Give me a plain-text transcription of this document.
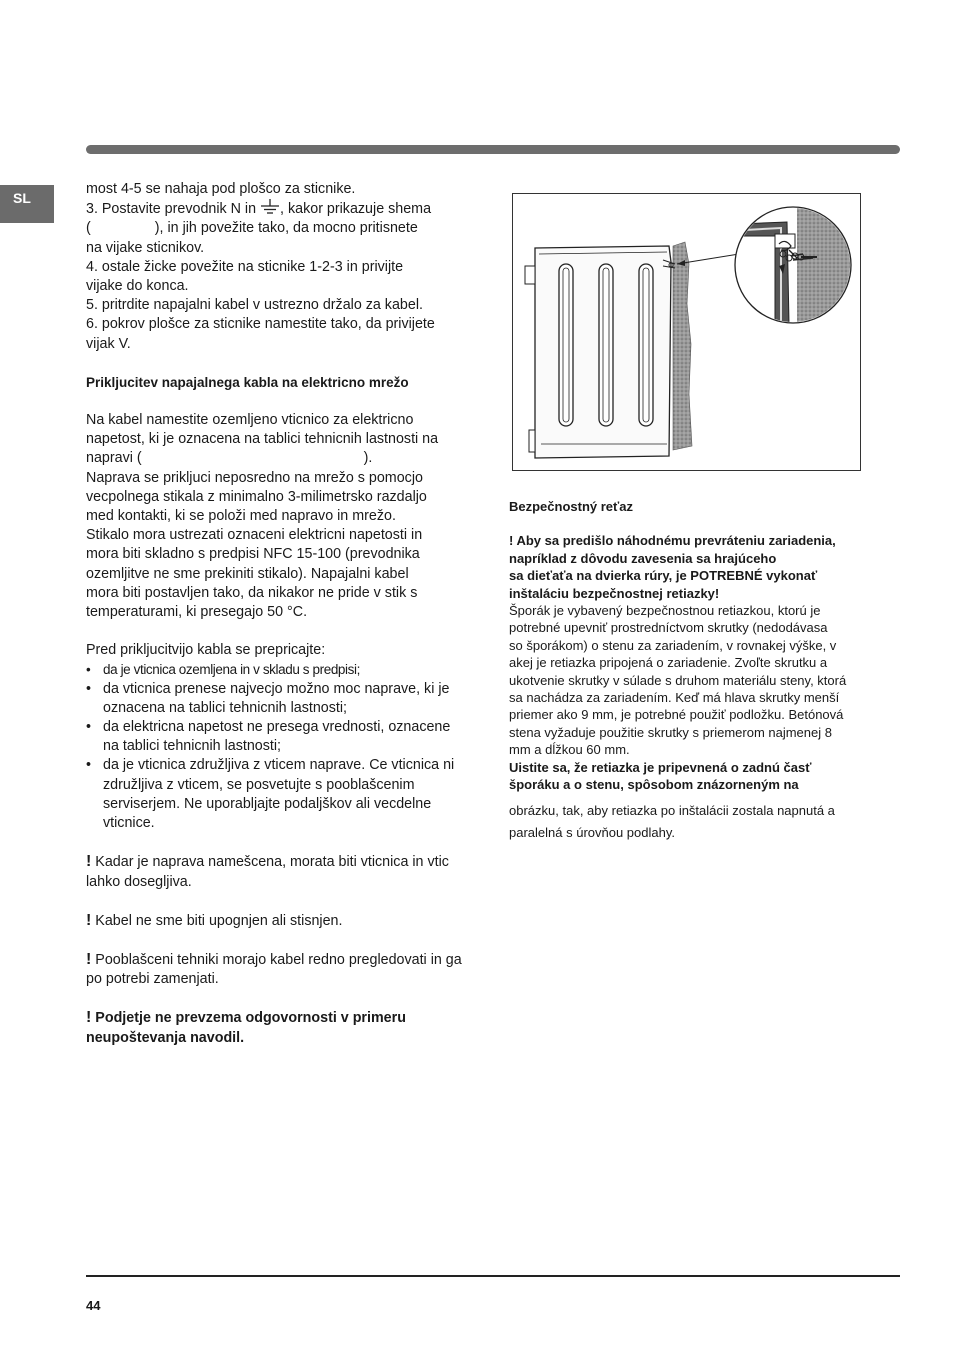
SL

most 4-5 se nahaja pod plošco za sticnike.

3. Postavite prevodnik N in , kakor prikazuje shema

(	), in jih povežite tako, da mocno pritisnete

na vijake sticnikov.

4. ostale žicke povežite na sticnike 1-2-3 in privijte

vijake do konca.

5. pritrdite napajalni kabel v ustrezno držalo za kabel.

6. pokrov plošce za sticnike namestite tako, da privijete

vijak V.

Prikljucitev napajalnega kabla na elektricno mrežo

Na kabel namestite ozemljeno vticnico za elektricno

napetost, ki je oznacena na tablici tehnicnih lastnosti na

napravi (	).

Naprava se prikljuci neposredno na mrežo s pomocjo

vecpolnega stikala z minimalno 3-milimetrsko razdaljo

med kontakti, ki se položi med napravo in mrežo.

Stikalo mora ustrezati oznaceni elektricni napetosti in

mora biti skladno s predpisi NFC 15-100 (prevodnika

ozemljitve ne sme prekiniti stikalo). Napajalni kabel

mora biti postavljen tako, da nikakor ne pride v stik s

temperaturami, ki presegajo 50 °C.

Pred prikljucitvijo kabla se prepricajte:

• da je vticnica ozemljena in v skladu s predpisi;
• da vticnica prenese najvecjo možno moc naprave, ki je oznacena na tablici tehnicnih lastnosti;
• da elektricna napetost ne presega vrednosti, oznacene na tablici tehnicnih lastnosti;
• da je vticnica združljiva z vticem naprave. Ce vticnica ni združljiva z vticem, se posvetujte s pooblašcenim serviserjem. Ne uporabljajte podaljškov ali vecdelne vticnice.

! Kadar je naprava namešcena, morata biti vticnica in vtic lahko dosegljiva.

! Kabel ne sme biti upognjen ali stisnjen.

! Pooblašceni tehniki morajo kabel redno pregledovati in ga po potrebi zamenjati.

! Podjetje ne prevzema odgovornosti v primeru neupoštevanja navodil.

Bezpečnostný reťaz

! Aby sa predišlo náhodnému prevráteniu zariadenia,

napríklad z dôvodu zavesenia sa hrajúceho

sa dieťaťa na dvierka rúry, je POTREBNÉ vykonať

inštaláciu bezpečnostnej retiazky!

Šporák je vybavený bezpečnostnou retiazkou, ktorú je

potrebné upevniť prostredníctvom skrutky (nedodávasa

so šporákom) o stenu za zariadením, v rovnakej výške, v

akej je retiazka pripojená o zariadenie. Zvoľte skrutku a

ukotvenie skrutky v súlade s druhom materiálu steny, ktorá

sa nachádza za zariadením. Keď má hlava skrutky menší

priemer ako 9 mm, je potrebné použiť podložku. Betónová

stena vyžaduje použitie skrutky s priemerom najmenej 8

mm a dĺžkou 60 mm.

Uistite sa, že retiazka je pripevnená o zadnú časť

šporáku a o stenu, spôsobom znázorneným na

obrázku, tak, aby retiazka po inštalácii zostala napnutá a

paralelná s úrovňou podlahy.

44
